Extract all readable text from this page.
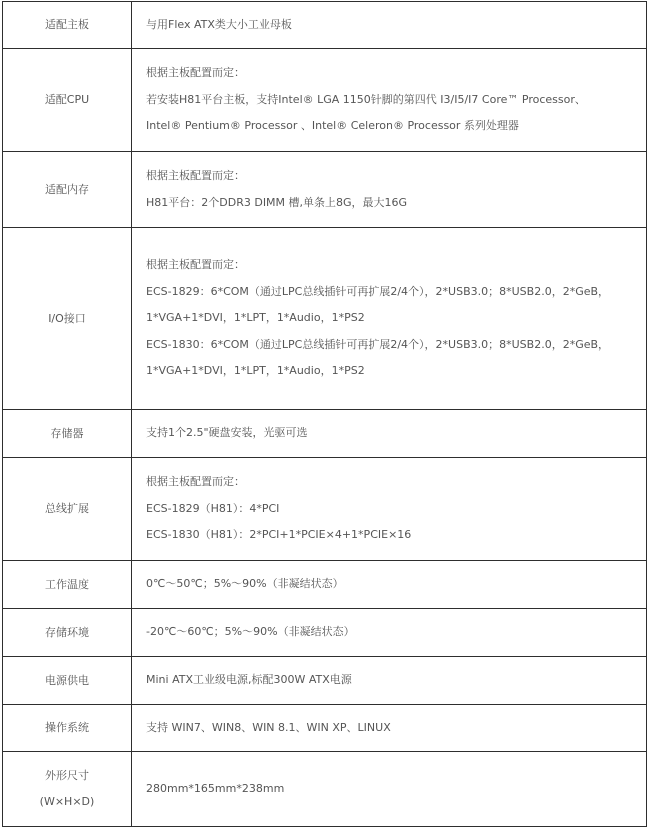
适配主板	与用Flex ATX类大小工业母板

适配CPU	根据主板配置而定：
若安装H81平台主板，支持Intel® LGA 1150针脚的第四代 I3/I5/I7 Core™ Processor、
Intel® Pentium® Processor 、Intel® Celeron® Processor 系列处理器

适配内存	根据主板配置而定：
H81平台：2个DDR3 DIMM 槽,单条上8G，最大16G

I/O接口	根据主板配置而定：
ECS-1829：6*COM（通过LPC总线插针可再扩展2/4个），2*USB3.0；8*USB2.0，2*GeB，
1*VGA+1*DVI，1*LPT，1*Audio，1*PS2
ECS-1830：6*COM（通过LPC总线插针可再扩展2/4个），2*USB3.0；8*USB2.0，2*GeB，
1*VGA+1*DVI，1*LPT，1*Audio，1*PS2

存储器	支持1个2.5"硬盘安装，光驱可选

总线扩展	根据主板配置而定：
ECS-1829（H81）：4*PCI
ECS-1830（H81）：2*PCI+1*PCIE×4+1*PCIE×16

工作温度	0℃～50℃；5%～90%（非凝结状态）

存储环境	-20℃～60℃；5%～90%（非凝结状态）

电源供电	Mini ATX工业级电源,标配300W ATX电源

操作系统	支持 WIN7、WIN8、WIN 8.1、WIN XP、LINUX

外形尺寸
(W×H×D)	280mm*165mm*238mm
